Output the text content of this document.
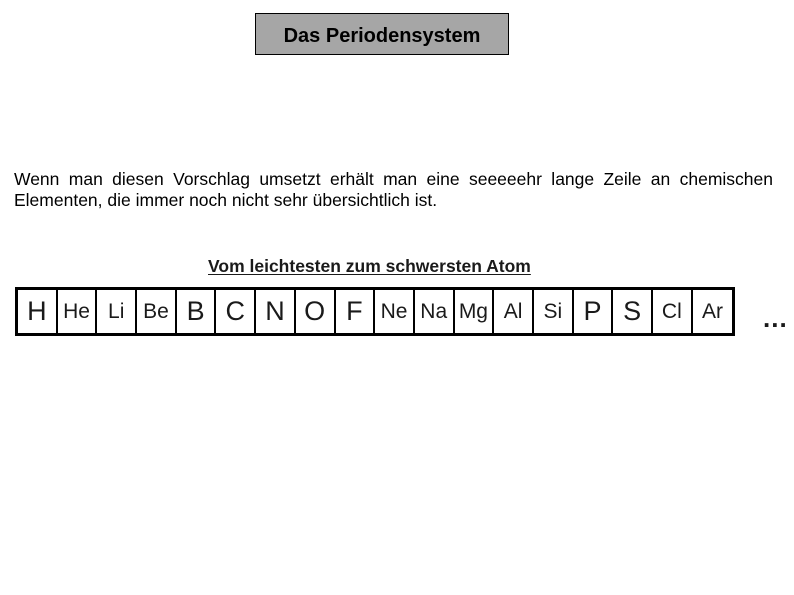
Das Periodensystem

Wenn man diesen Vorschlag umsetzt erhält man eine seeeeehr lange Zeile an chemischen Elementen, die immer noch nicht sehr übersichtlich ist.

Vom leichtesten zum schwersten Atom
H He Li Be B C N O F Ne Na Mg Al Si P S Cl Ar ...
